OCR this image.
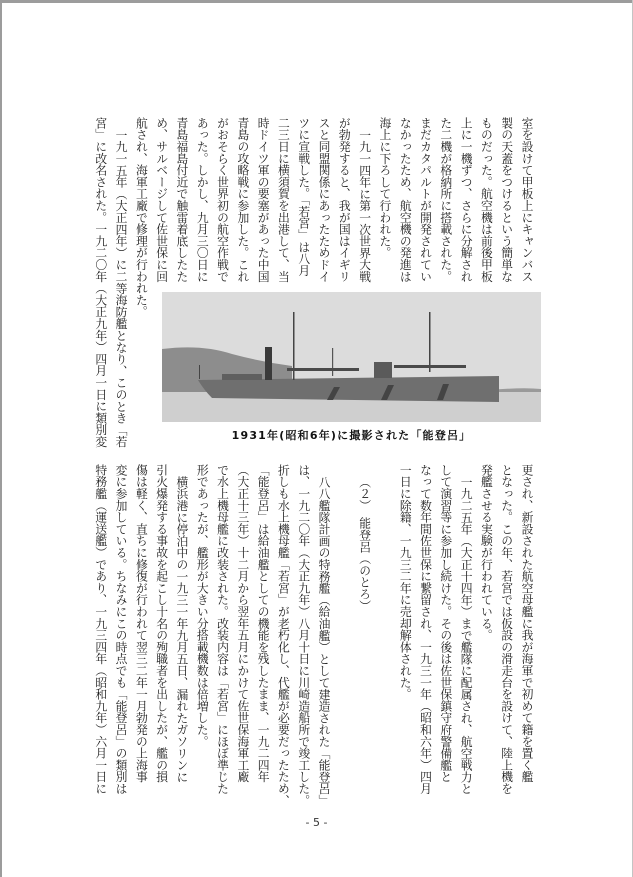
室を設けて甲板上にキャンバス
製の天蓋をつけるという簡単な
ものだった。航空機は前後甲板
上に一機ずつ、さらに分解され
た二機が格納所に搭載された。
まだカタパルトが開発されてい
なかったため、航空機の発進は
海上に下ろして行われた。
一九一四年に第一次世界大戦
が勃発すると、我が国はイギリ
スと同盟関係にあったためドイ
ツに宣戦した。「若宮」は八月
二三日に横須賀を出港して、当
時ドイツ軍の要塞があった中国
青島の攻略戦に参加した。これ
がおそらく世界初の航空作戦で
あった。しかし、九月三〇日に
青島福島付近で触雷着底したた
め、サルベージして佐世保に回
航され、海軍工廠で修理が行われた。
一九一五年（大正四年）に二等海防艦となり、このとき「若
宮」に改名された。一九二〇年（大正九年）四月一日に類別変	1931年(昭和6年)に撮影された「能登呂」
更され、新設された航空母艦に我が海軍で初めて籍を置く艦
となった。この年、若宮では仮設の滑走台を設けて、陸上機を
発艦させる実験が行われている。
一九二五年（大正十四年）まで艦隊に配属され、航空戦力と
して演習等に参加し続けた。その後は佐世保鎮守府警備艦と
なって数年間佐世保に繋留され、一九三一年（昭和六年）四月
一日に除籍、一九三二年に売却解体された。
（２）　能登呂（のとろ）
八八艦隊計画の特務艦（給油艦）として建造された「能登呂」
は、一九二〇年（大正九年）八月十日に川崎造船所で竣工した。
折しも水上機母艦「若宮」が老朽化し、代艦が必要だったため、
「能登呂」は給油艦としての機能を残したまま、一九二四年
（大正十三年）十二月から翌年五月にかけて佐世保海軍工廠
で水上機母艦に改装された。改装内容は「若宮」にほぼ準じた
形であったが、艦形が大きい分搭載機数は倍増した。
横浜港に停泊中の一九三一年九月五日、漏れたガソリンに
引火爆発する事故を起こし十名の殉職者を出したが、艦の損
傷は軽く、直ちに修復が行われて翌三二年一月勃発の上海事
変に参加している。ちなみにこの時点でも「能登呂」の類別は
特務艦（運送艦）であり、一九三四年（昭和九年）六月一日に
- 5 -
